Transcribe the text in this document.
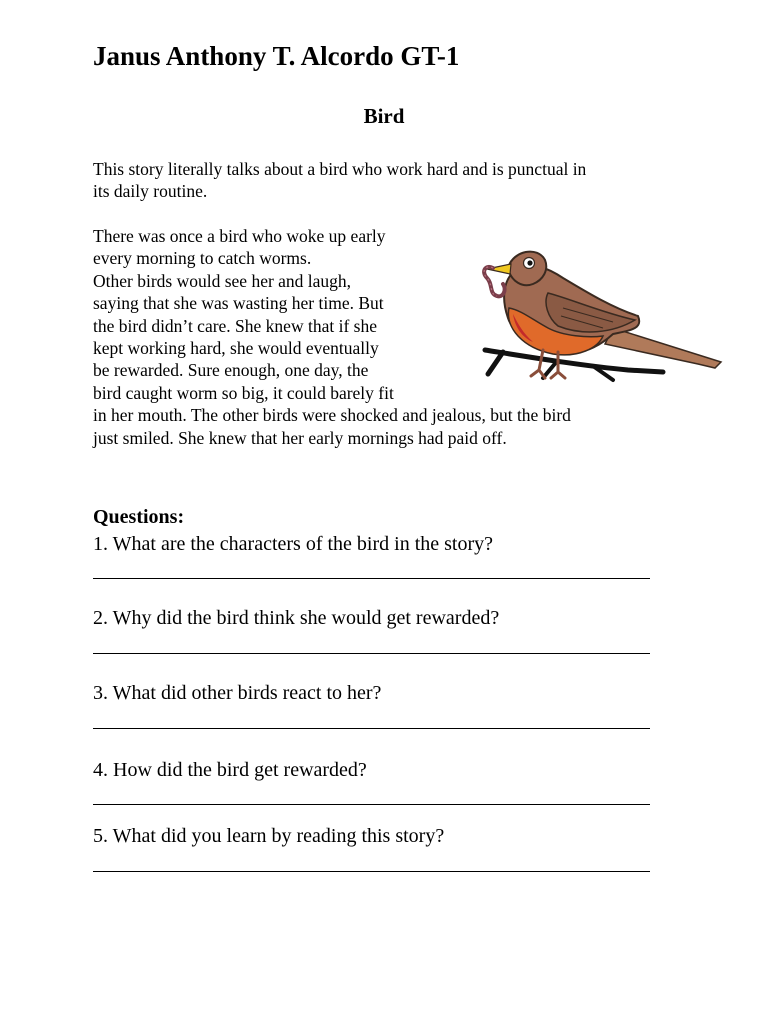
Janus Anthony T. Alcordo GT-1
Bird

This story literally talks about a bird who work hard and is punctual in
its daily routine.

There was once a bird who woke up early
every morning to catch worms.
Other birds would see her and laugh,
saying that she was wasting her time. But
the bird didn’t care. She knew that if she
kept working hard, she would eventually
be rewarded. Sure enough, one day, the
bird caught worm so big, it could barely fit
in her mouth. The other birds were shocked and jealous, but the bird
just smiled. She knew that her early mornings had paid off.

Questions:

1. What are the characters of the bird in the story?

2. Why did the bird think she would get rewarded?

3. What did other birds react to her?

4. How did the bird get rewarded?

5. What did you learn by reading this story?
